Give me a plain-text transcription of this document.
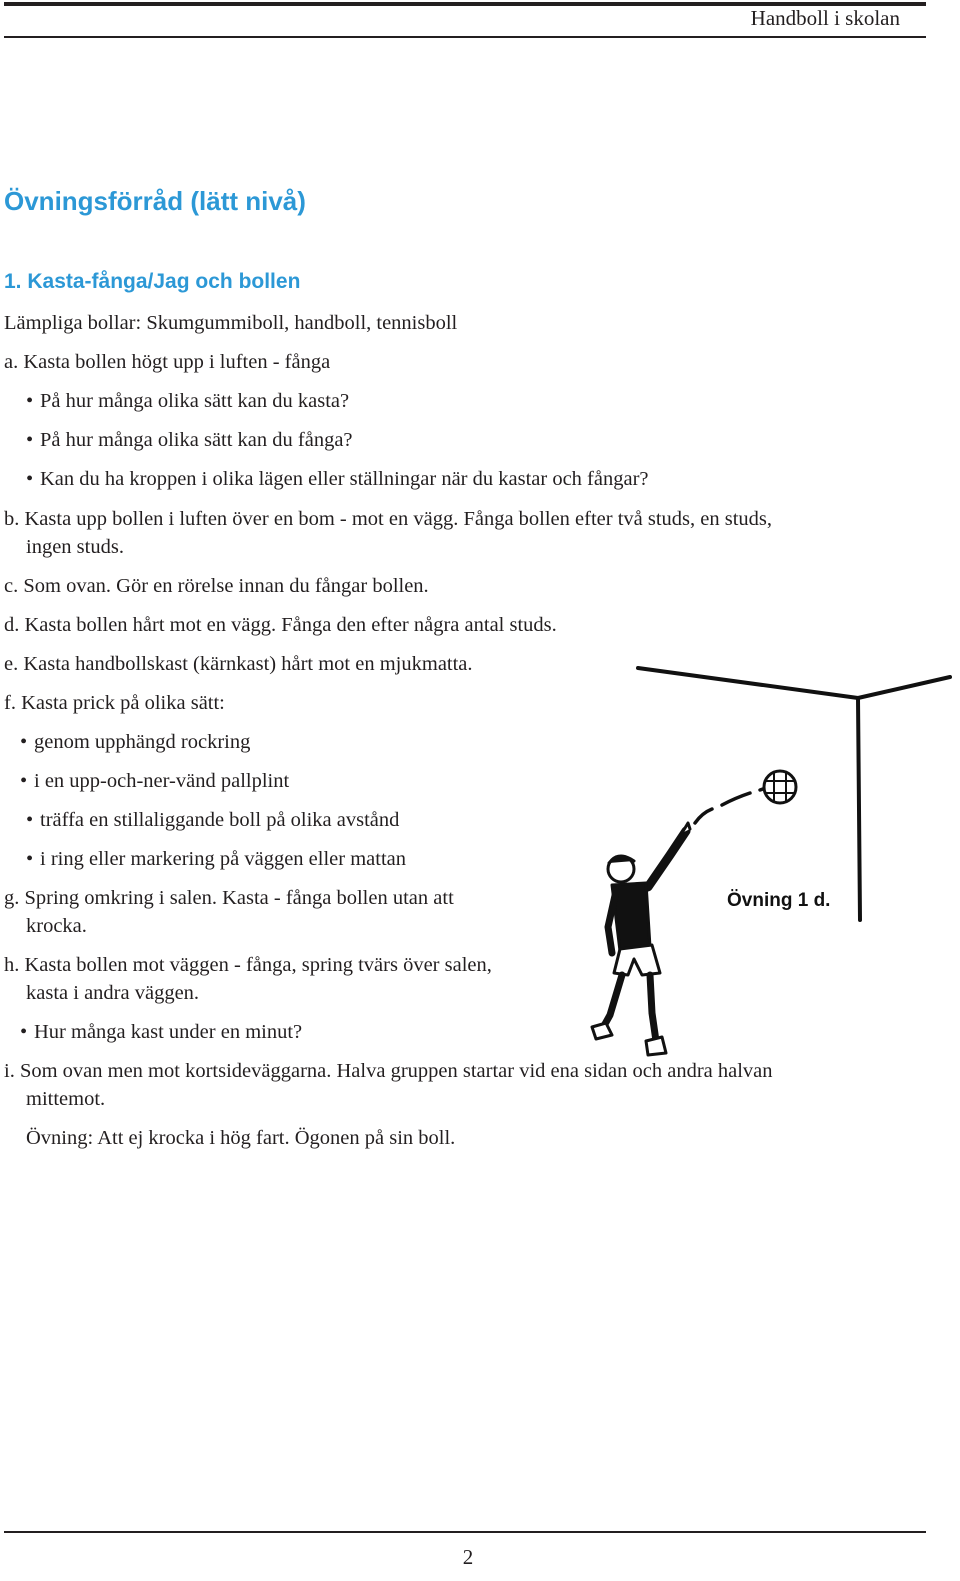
Handboll i skolan
Övningsförråd (lätt nivå)
1. Kasta-fånga/Jag och bollen
Lämpliga bollar: Skumgummiboll, handboll, tennisboll
a. Kasta bollen högt upp i luften - fånga
• På hur många olika sätt kan du kasta?
• På hur många olika sätt kan du fånga?
• Kan du ha kroppen i olika lägen eller ställningar när du kastar och fångar?
b. Kasta upp bollen i luften över en bom - mot en vägg. Fånga bollen efter två studs, en studs,
ingen studs.
c. Som ovan. Gör en rörelse innan du fångar bollen.
d. Kasta bollen hårt mot en vägg. Fånga den efter några antal studs.
e. Kasta handbollskast (kärnkast) hårt mot en mjukmatta.
f. Kasta prick på olika sätt:
• genom upphängd rockring
• i en upp-och-ner-vänd pallplint
• träffa en stillaliggande boll på olika avstånd
• i ring eller markering på väggen eller mattan
g. Spring omkring i salen. Kasta - fånga bollen utan att
krocka.
h. Kasta bollen mot väggen - fånga, spring tvärs över salen,
kasta i andra väggen.
• Hur många kast under en minut?
i. Som ovan men mot kortsideväggarna. Halva gruppen startar vid ena sidan och andra halvan
mittemot.
Övning: Att ej krocka i hög fart. Ögonen på sin boll.
Övning 1 d.
2
